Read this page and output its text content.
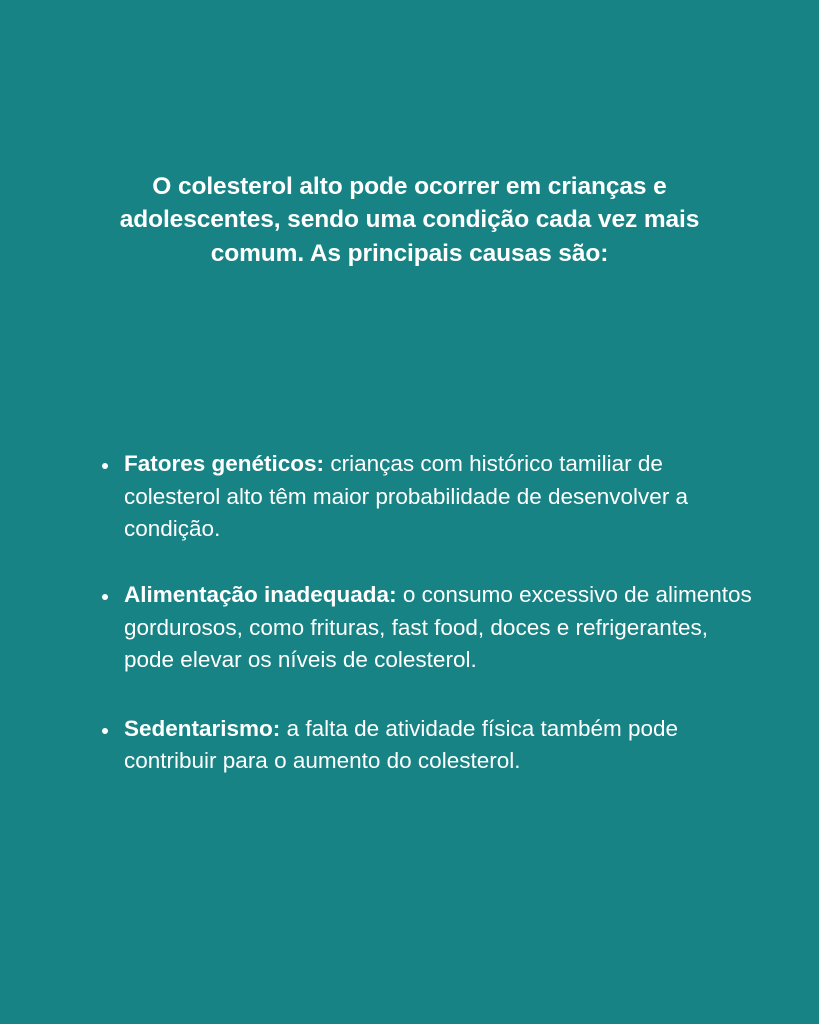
O colesterol alto pode ocorrer em crianças e adolescentes, sendo uma condição cada vez mais comum. As principais causas são:

Fatores genéticos: crianças com histórico tamiliar de colesterol alto têm maior probabilidade de desenvolver a condição.
Alimentação inadequada: o consumo excessivo de alimentos gordurosos, como frituras, fast food, doces e refrigerantes, pode elevar os níveis de colesterol.
Sedentarismo: a falta de atividade física também pode contribuir para o aumento do colesterol.
